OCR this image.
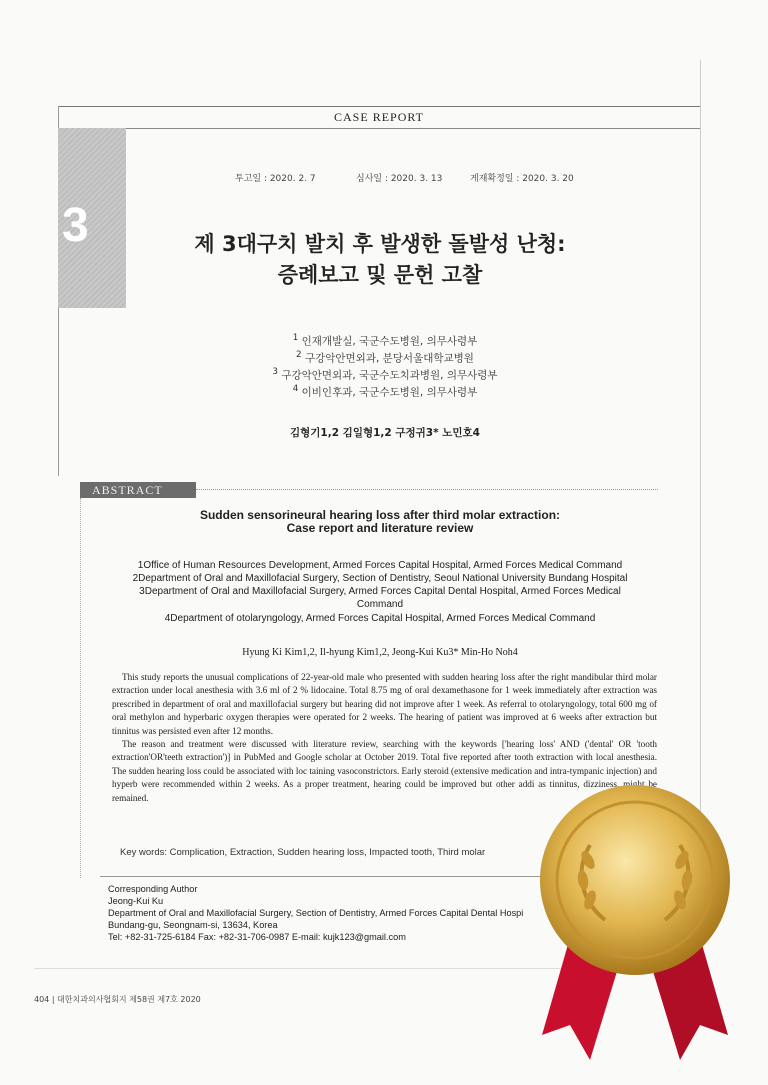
CASE REPORT
3
투고일 : 2020. 2. 7	심사일 : 2020. 3. 13	게재확정일 : 2020. 3. 20
제 3대구치 발치 후 발생한 돌발성 난청:
증례보고 및 문헌 고찰
$^1$ 인재개발실, 국군수도병원, 의무사령부
$^2$ 구강악안면외과, 분당서울대학교병원
$^3$ 구강악안면외과, 국군수도치과병원, 의무사령부
$^4$ 이비인후과, 국군수도병원, 의무사령부
김형기1,2 김일형1,2 구정귀3* 노민호4
ABSTRACT
Sudden sensorineural hearing loss after third molar extraction:
Case report and literature review
1Office of Human Resources Development, Armed Forces Capital Hospital, Armed Forces Medical Command
2Department of Oral and Maxillofacial Surgery, Section of Dentistry, Seoul National University Bundang Hospital
3Department of Oral and Maxillofacial Surgery, Armed Forces Capital Dental Hospital, Armed Forces Medical
Command
4Department of otolaryngology, Armed Forces Capital Hospital, Armed Forces Medical Command
Hyung Ki Kim1,2, Il-hyung Kim1,2, Jeong-Kui Ku3* Min-Ho Noh4

This study reports the unusual complications of 22-year-old male who presented with sudden hearing loss after the right mandibular third molar extraction under local anesthesia with 3.6 ml of 2 % lidocaine. Total 8.75 mg of oral dexamethasone for 1 week immediately after extraction was prescribed in department of oral and maxillofacial surgery but hearing did not improve after 1 week. As referral to otolaryngology, total 600 mg of oral methylon and hyperbaric oxygen therapies were operated for 2 weeks. The hearing of patient was improved at 6 weeks after extraction but tinnitus was persisted even after 12 months.

The reason and treatment were discussed with literature review, searching with the keywords ['hearing loss' AND ('dental' OR 'tooth extraction'OR'teeth extraction')] in PubMed and Google scholar at October 2019. Total five reported after tooth extraction with local anesthesia. The sudden hearing loss could be associated with loc taining vasoconstrictors. Early steroid (extensive medication and intra-tympanic injection) and hyperb were recommended within 2 weeks. As a proper treatment, hearing could be improved but other addi as tinnitus, dizziness, might be remained.

Key words: Complication, Extraction, Sudden hearing loss, Impacted tooth, Third molar
Corresponding Author
Jeong-Kui Ku
Department of Oral and Maxillofacial Surgery, Section of Dentistry, Armed Forces Capital Dental Hospi
Bundang-gu, Seongnam-si, 13634, Korea
Tel: +82-31-725-6184 Fax: +82-31-706-0987 E-mail: kujk123@gmail.com
404 | 대한치과의사협회지 제58권 제7호 2020
